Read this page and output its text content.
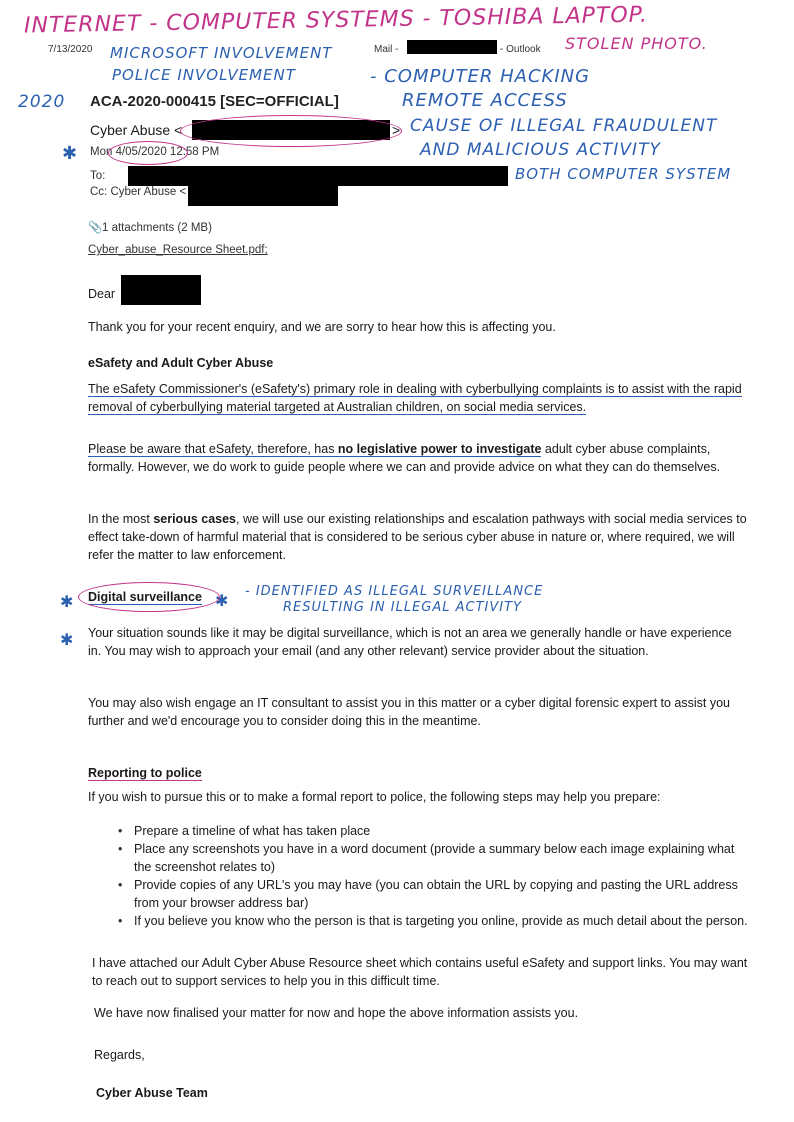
INTERNET - COMPUTER SYSTEMS - TOSHIBA LAPTOP.
STOLEN PHOTO.
MICROSOFT INVOLVEMENT
POLICE INVOLVEMENT
2020
- COMPUTER HACKING
REMOTE ACCESS
CAUSE OF ILLEGAL FRAUDULENT
AND MALICIOUS ACTIVITY
BOTH COMPUTER SYSTEM
- IDENTIFIED AS ILLEGAL SURVEILLANCE
RESULTING IN ILLEGAL ACTIVITY
✱
✱	✱
✱
7/13/2020	Mail -	- Outlook
ACA-2020-000415 [SEC=OFFICIAL]
Cyber Abuse <	>
Mon 4/05/2020 12:58 PM
To:
Cc: Cyber Abuse <
📎 1 attachments (2 MB)
Cyber_abuse_Resource Sheet.pdf;
Dear
Thank you for your recent enquiry, and we are sorry to hear how this is affecting you.
eSafety and Adult Cyber Abuse
The eSafety Commissioner's (eSafety's) primary role in dealing with cyberbullying complaints is to assist with the rapid removal of cyberbullying material targeted at Australian children, on social media services.
Please be aware that eSafety, therefore, has no legislative power to investigate adult cyber abuse complaints, formally. However, we do work to guide people where we can and provide advice on what they can do themselves.
In the most serious cases, we will use our existing relationships and escalation pathways with social media services to effect take-down of harmful material that is considered to be serious cyber abuse in nature or, where required, we will refer the matter to law enforcement.
Digital surveillance
Your situation sounds like it may be digital surveillance, which is not an area we generally handle or have experience in. You may wish to approach your email (and any other relevant) service provider about the situation.
You may also wish engage an IT consultant to assist you in this matter or a cyber digital forensic expert to assist you further and we'd encourage you to consider doing this in the meantime.
Reporting to police
If you wish to pursue this or to make a formal report to police, the following steps may help you prepare:
• Prepare a timeline of what has taken place
• Place any screenshots you have in a word document (provide a summary below each image explaining what the screenshot relates to)
• Provide copies of any URL's you may have (you can obtain the URL by copying and pasting the URL address from your browser address bar)
• If you believe you know who the person is that is targeting you online, provide as much detail about the person.
I have attached our Adult Cyber Abuse Resource sheet which contains useful eSafety and support links. You may want to reach out to support services to help you in this difficult time.
We have now finalised your matter for now and hope the above information assists you.
Regards,
Cyber Abuse Team
